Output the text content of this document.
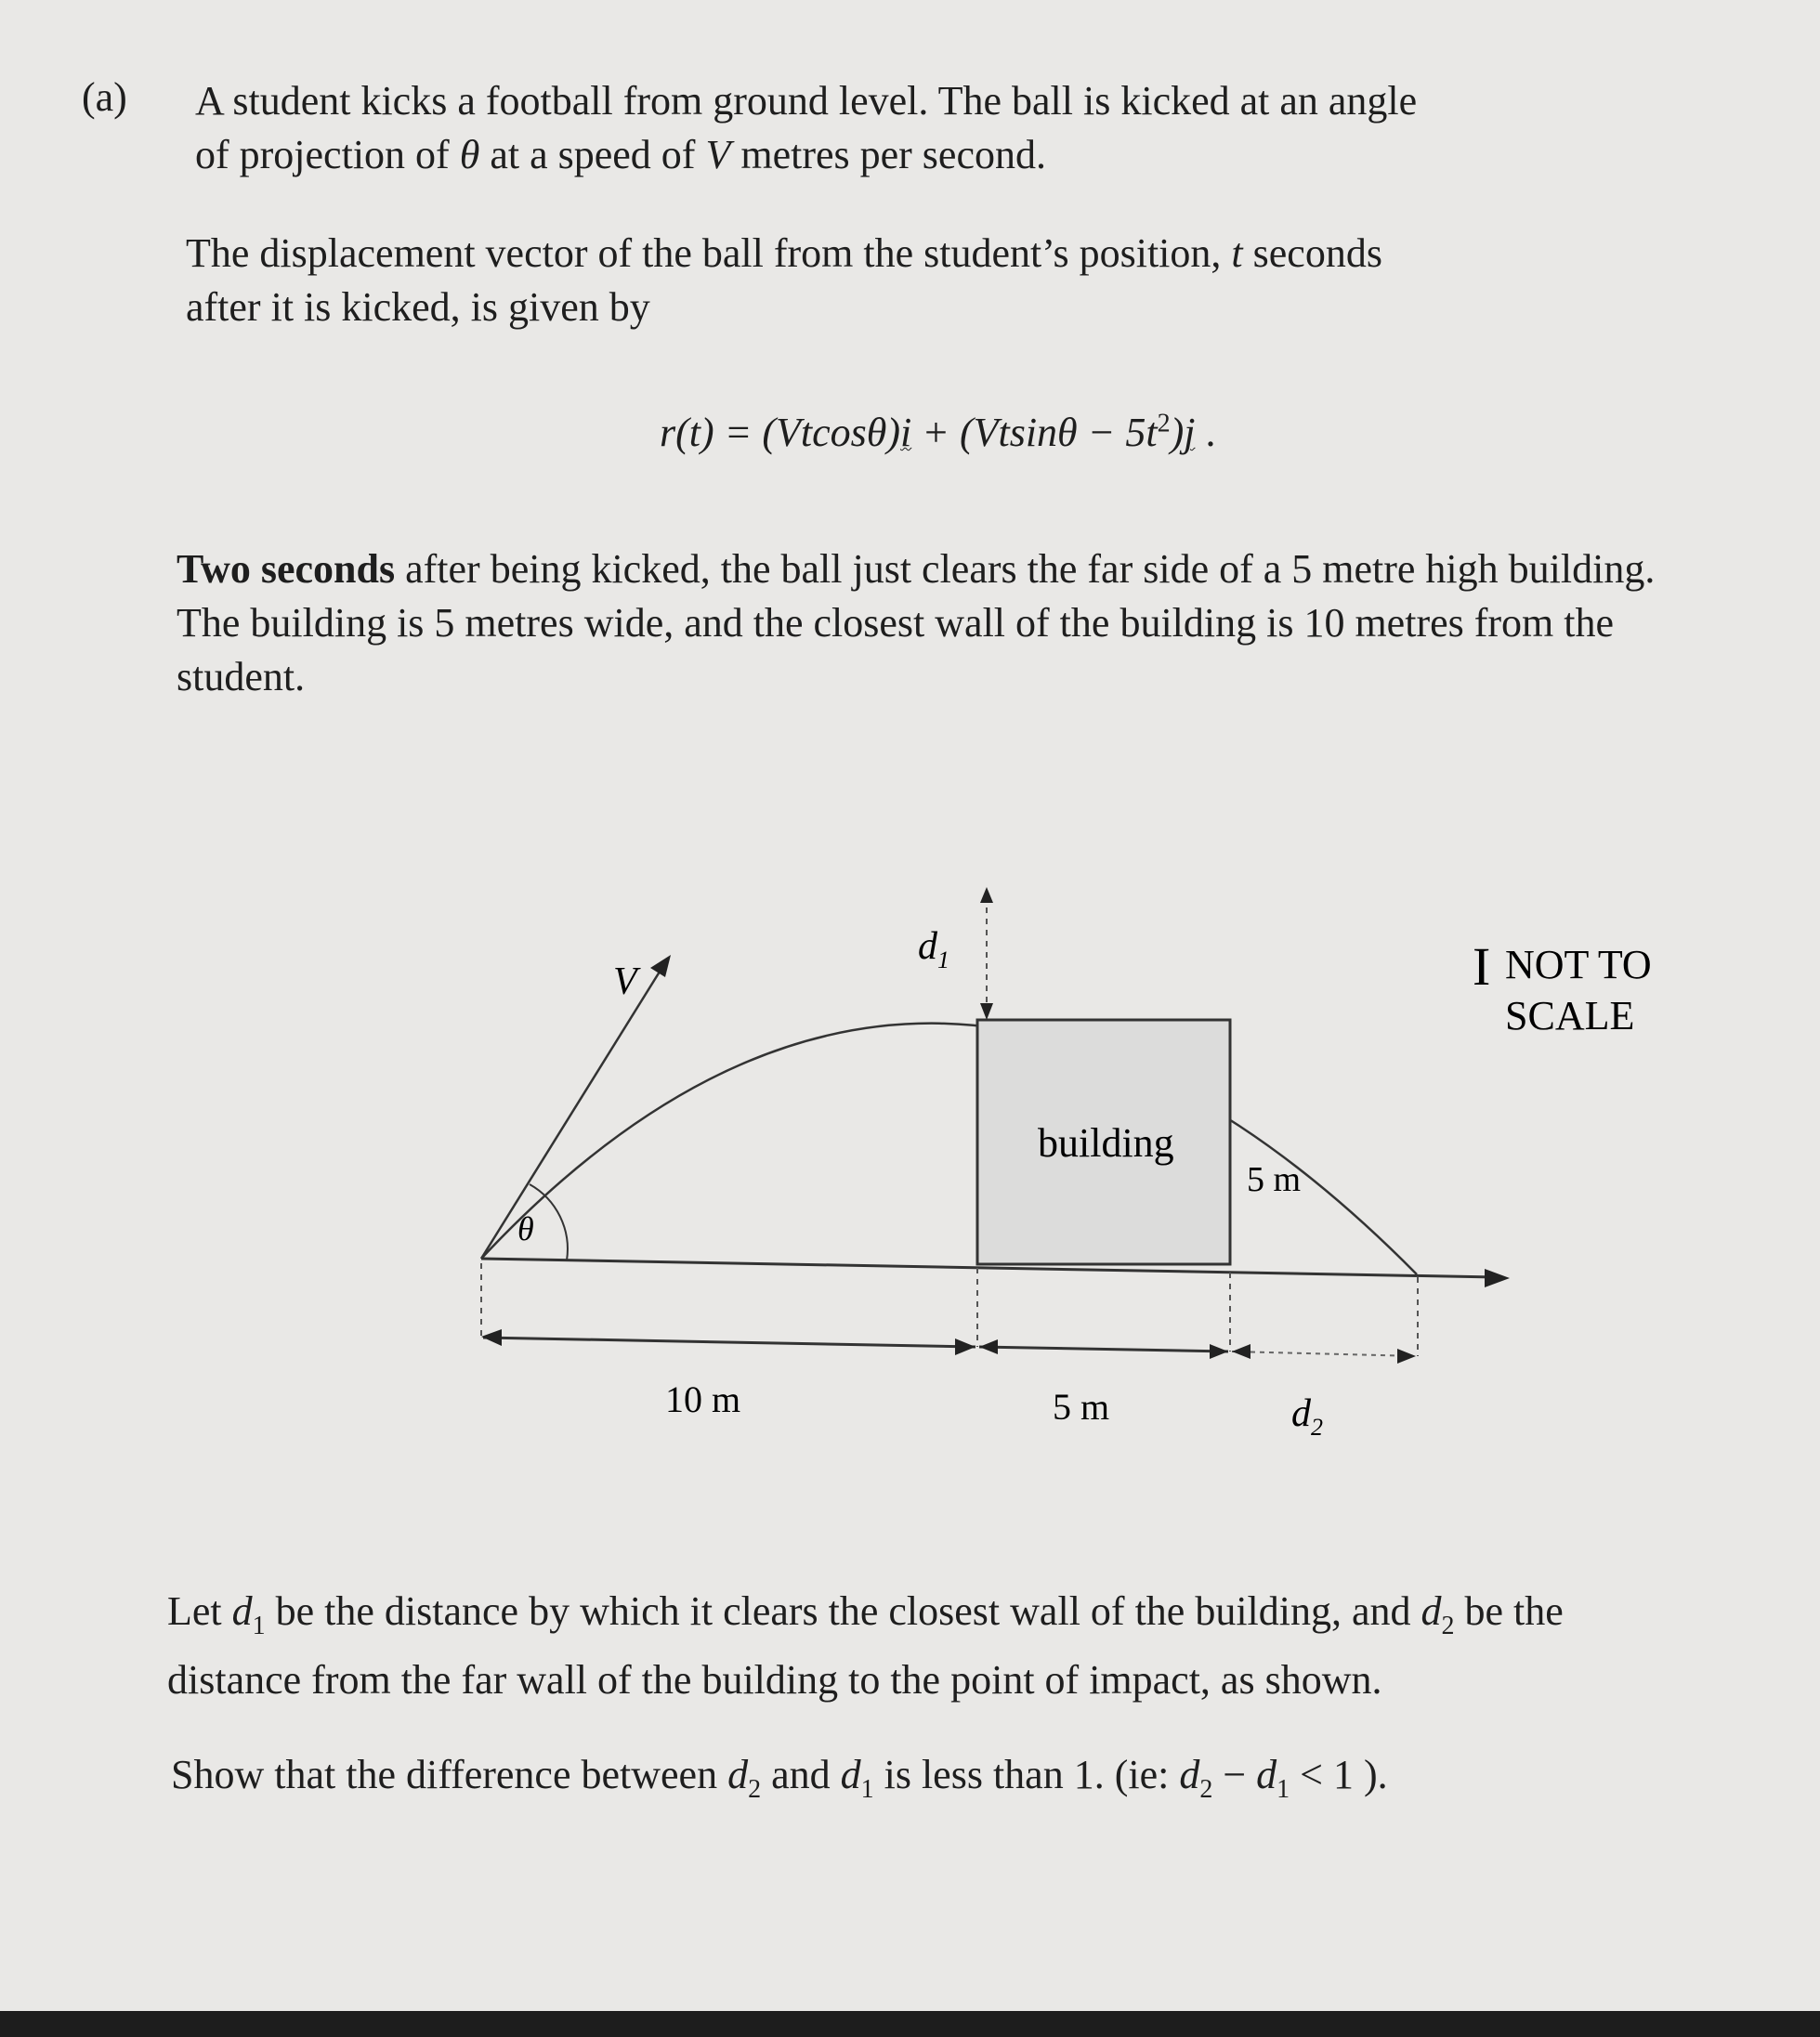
(a) A student kicks a football from ground level. The ball is kicked at an angle
of projection of θ at a speed of V metres per second.
The displacement vector of the ball from the student’s position, t seconds
after it is kicked, is given by
$r(t) = (Vtcos\theta)i + (Vtsin\theta - 5t^2)j$ .
Two seconds after being kicked, the ball just clears the far side of a 5 metre high building.
The building is 5 metres wide, and the closest wall of the building is 10 metres from the
student.
V
θ
building
5 m
$d_1$	I NOT TO
SCALE
10 m	5 m	$d_2$
Let $d_1$ be the distance by which it clears the closest wall of the building, and $d_2$ be the
distance from the far wall of the building to the point of impact, as shown.
Show that the difference between $d_2$ and $d_1$ is less than 1. (ie: $d_2 - d_1 < 1$ ).
